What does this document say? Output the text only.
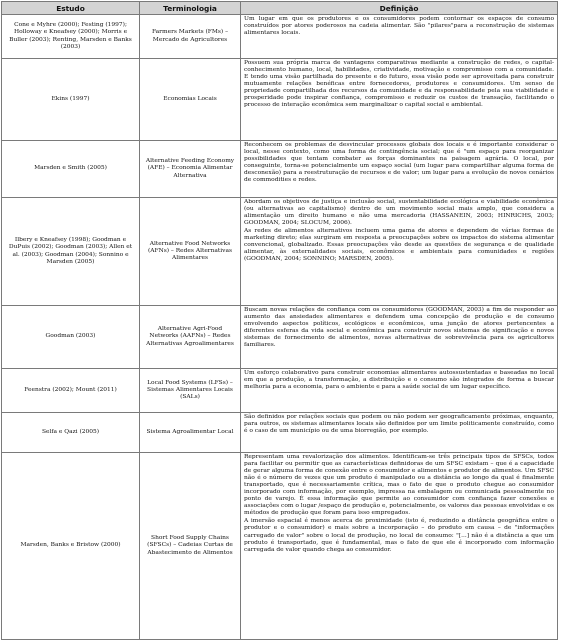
Estudo	Terminologia	Definição
Cone e Myhre (2000); Festing (1997); Holloway e Kneafsey (2000); Morris e Buller (2003); Renting, Marsden e Banks (2003)	Farmers Markets (FMs) – Mercado de Agricultores	Um lugar em que os produtores e os consumidores podem contornar os espaços de consumo construídos por atores poderosos na cadeia alimentar. São "pilares"para a reconstrução de sistemas alimentares locais.

Ekins (1997)	Economias Locais	Possuem sua própria marca de vantagens comparativas mediante a construção de redes, o capital-conhecimento humano, local, habilidades, criatividade, motivação e compromisso com a comunidade. E tendo uma visão partilhada do presente e do futuro, essa visão pode ser aproveitada para construir mutuamente relações benéficas entre fornecedores, produtores e consumidores. Um senso de propriedade compartilhada dos recursos da comunidade e da responsabilidade pela sua viabilidade e prosperidade pode inspirar confiança, compromisso e reduzir os custos de transação, facilitando o processo de interação econômica sem marginalizar o capital social e ambiental.

Marsden e Smith (2005)	Alternative Feeding Economy (AFE) – Economia Alimentar Alternativa	Reconhecem os problemas de desvincular processos globais dos locais e é importante considerar o local, nesse contexto, como uma forma de contingência social; que é "um espaço para reorganizar possibilidades que tentam combater as forças dominantes na paisagem agrária. O local, por conseguinte, torna-se potencialmente um espaço social (um lugar para compartilhar alguma forma de desconexão) para a reestruturação de recursos e de valor; um lugar para a evolução de novos cenários de commodities e redes.

Ilbery e Kneafsey (1998); Goodman e DuPuis (2002); Goodman (2003); Allen et al. (2003); Goodman (2004); Sonnino e Marsden (2005)	Alternative Food Networks (AFNs) – Redes Alternativas Alimentares	Abordam os objetivos de justiça e inclusão social, sustentabilidade ecológica e viabilidade econômica (ou alternativas ao capitalismo) dentro de um movimento social mais amplo, que considera a alimentação um direito humano e não uma mercadoria (HASSANEIN, 2003; HINRICHS, 2003; GOODMAN, 2004; SLOCUM, 2006).

As redes de alimentos alternativos incluem uma gama de atores e dependem de várias formas de marketing direto; elas surgiram em resposta a preocupações sobre os impactos do sistema alimentar convencional, globalizado. Essas preocupações vão desde as questões de segurança e de qualidade alimentar, às externalidades sociais, econômicos e ambientais para comunidades e regiões (GOODMAN, 2004; SONNINO; MARSDEN, 2005).

Goodman (2003)	Alternative Agri-Food Networks (AAFNs) – Redes Alternativas Agroalimentares	Buscam novas relações de confiança com os consumidores (GOODMAN, 2003) a fim de responder ao aumento das ansiedades alimentares e defendem uma concepção de produção e de consumo envolvendo aspectos políticos, ecológicos e econômicos, uma junção de atores pertencentes a diferentes esferas da vida social e econômica para construir novos sistemas de significação e novos sistemas de fornecimento de alimentos, novas alternativas de sobrevivência para os agricultores familiares.

Feenstra (2002); Mount (2011)	Local Food Systems (LFSs) – Sistemas Alimentares Locais (SALs)	Um esforço colaborativo para construir economias alimentares autossustentadas e baseadas no local em que a produção, a transformação, a distribuição e o consumo são integrados de forma a buscar melhoria para a economia, para o ambiente e para a saúde social de um lugar específico.

Selfa e Qazi (2005)	Sistema Agroalimentar Local	São definidos por relações sociais que podem ou não podem ser geograficamente próximas, enquanto, para outros, os sistemas alimentares locais são definidos por um limite politicamente construído, como é o caso de um município ou de uma biorregião, por exemplo.

Marsden, Banks e Bristow (2000)	Short Food Supply Chains (SFSCs) – Cadeias Curtas de Abastecimento de Alimentos	Representam uma revalorização dos alimentos. Identificam-se três principais tipos de SFSCs, todos para facilitar ou permitir que as características definidoras de um SFSC existam – que é a capacidade de gerar alguma forma de conexão entre o consumidor e alimentos e produtor de alimentos. Um SFSC não é o número de vezes que um produto é manipulado ou a distância ao longo da qual é finalmente transportado, que é necessariamente crítica, mas o fato de que o produto chegue ao consumidor incorporado com informação, por exemplo, impressa na embalagem ou comunicada pessoalmente no ponto de varejo. É essa informação que permite ao consumidor com confiança fazer conexões e associações com o lugar /espaço de produção e, potencialmente, os valores das pessoas envolvidas e os métodos de produção que foram para isso empregados.

A imersão espacial é menos acerca de proximidade (isto é, reduzindo a distância geográfica entre o produtor e o consumidor) e mais sobre a incorporação – do produto em causa – de "informações carregado de valor" sobre o local de produção, no local de consumo: "[...] não é a distância a que um produto é transportado, que é fundamental, mas o fato de que ele é incorporado com informação carregada de valor quando chega ao consumidor.
